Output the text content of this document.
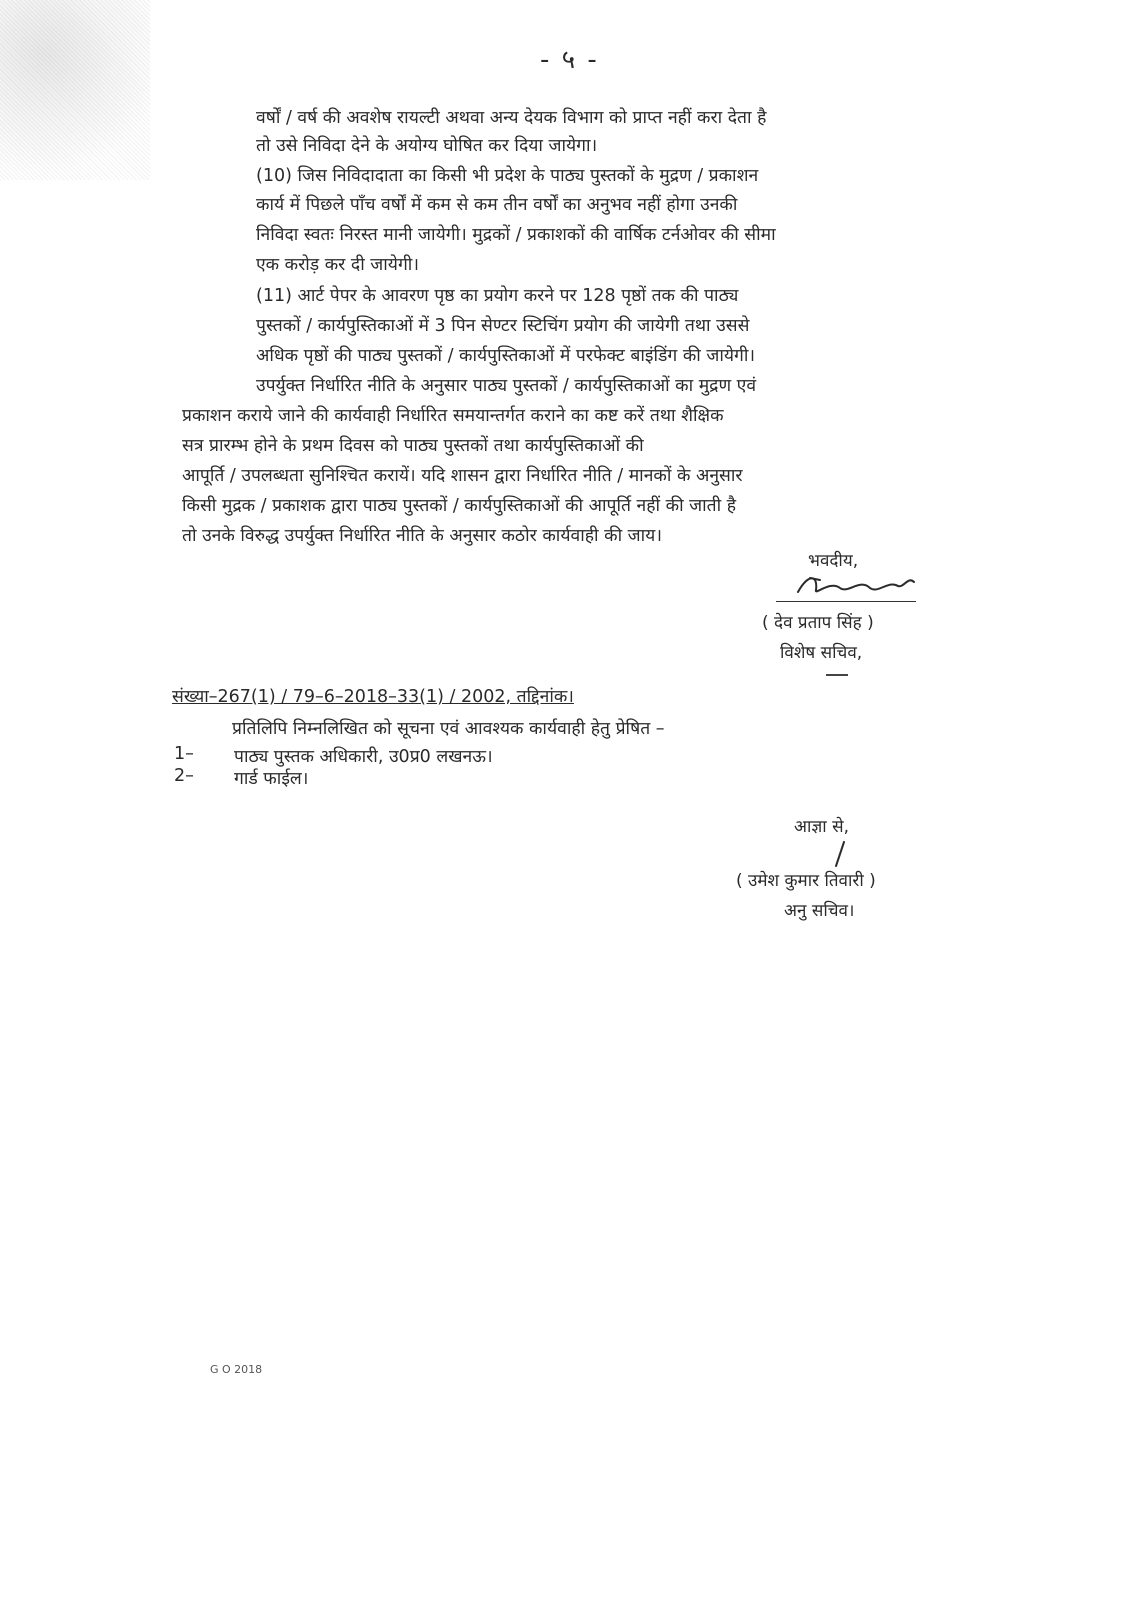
- ५ -
वर्षों / वर्ष की अवशेष रायल्टी अथवा अन्य देयक विभाग को प्राप्त नहीं करा देता है
तो उसे निविदा देने के अयोग्य घोषित कर दिया जायेगा।
(10) जिस निविदादाता का किसी भी प्रदेश के पाठ्य पुस्तकों के मुद्रण / प्रकाशन
कार्य में पिछले पाँच वर्षों में कम से कम तीन वर्षों का अनुभव नहीं होगा उनकी
निविदा स्वतः निरस्त मानी जायेगी। मुद्रकों / प्रकाशकों की वार्षिक टर्नओवर की सीमा
एक करोड़ कर दी जायेगी।
(11) आर्ट पेपर के आवरण पृष्ठ का प्रयोग करने पर 128 पृष्ठों तक की पाठ्य
पुस्तकों / कार्यपुस्तिकाओं में 3 पिन सेण्टर स्टिचिंग प्रयोग की जायेगी तथा उससे
अधिक पृष्ठों की पाठ्य पुस्तकों / कार्यपुस्तिकाओं में परफेक्ट बाइंडिंग की जायेगी।
उपर्युक्त निर्धारित नीति के अनुसार पाठ्य पुस्तकों / कार्यपुस्तिकाओं का मुद्रण एवं
प्रकाशन कराये जाने की कार्यवाही निर्धारित समयान्तर्गत कराने का कष्ट करें तथा शैक्षिक
सत्र प्रारम्भ होने के प्रथम दिवस को पाठ्य पुस्तकों तथा कार्यपुस्तिकाओं की
आपूर्ति / उपलब्धता सुनिश्चित करायें। यदि शासन द्वारा निर्धारित नीति / मानकों के अनुसार
किसी मुद्रक / प्रकाशक द्वारा पाठ्य पुस्तकों / कार्यपुस्तिकाओं की आपूर्ति नहीं की जाती है
तो उनके विरुद्ध उपर्युक्त निर्धारित नीति के अनुसार कठोर कार्यवाही की जाय।
भवदीय,
( देव प्रताप सिंह )
विशेष सचिव,
संख्या–267(1) / 79–6–2018–33(1) / 2002, तद्दिनांक।
प्रतिलिपि निम्नलिखित को सूचना एवं आवश्यक कार्यवाही हेतु प्रेषित –
1– पाठ्य पुस्तक अधिकारी, उ0प्र0 लखनऊ।
2– गार्ड फाईल।
आज्ञा से,
( उमेश कुमार तिवारी )
अनु सचिव।
G O 2018
